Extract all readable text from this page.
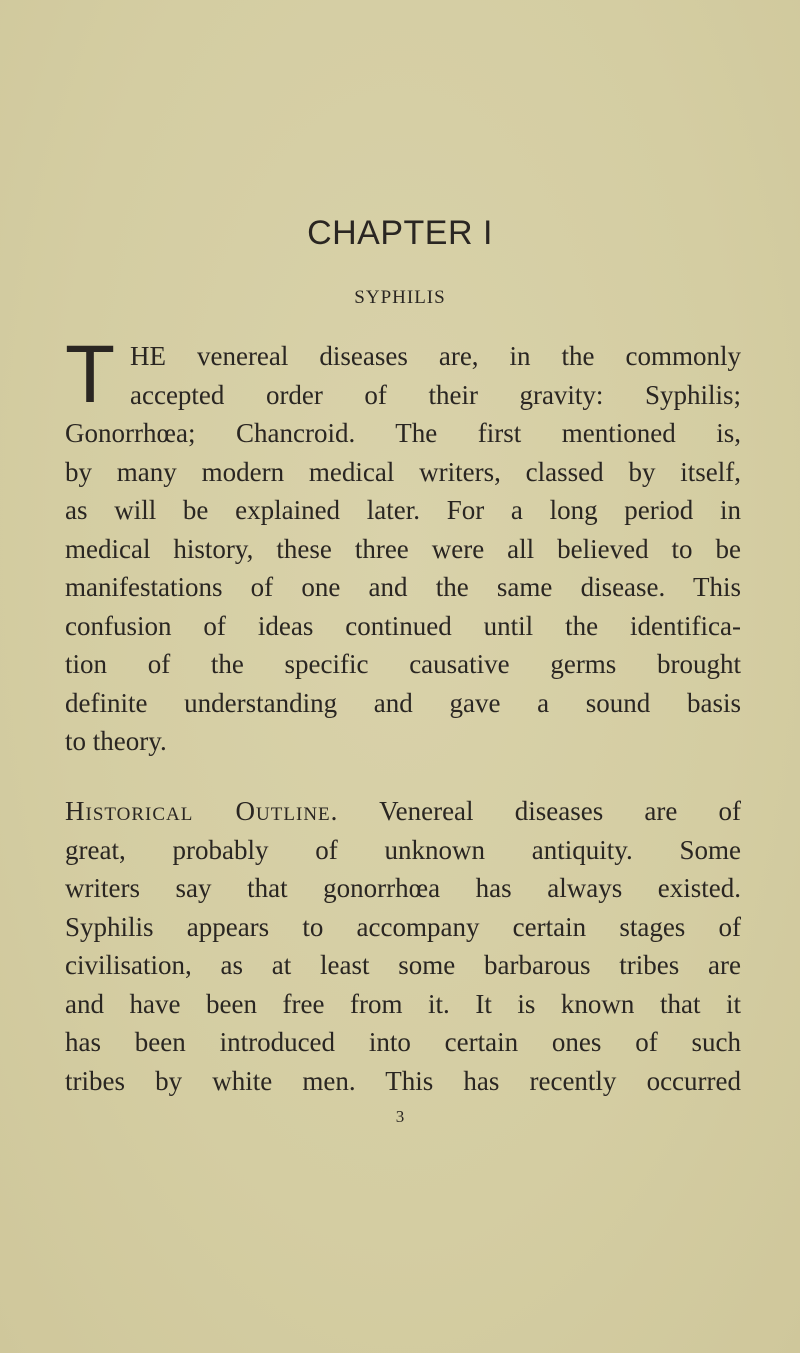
CHAPTER I
SYPHILIS
T HE venereal diseases are, in the commonly
accepted order of their gravity: Syphilis;
Gonorrhœa; Chancroid. The first mentioned is,
by many modern medical writers, classed by itself,
as will be explained later. For a long period in
medical history, these three were all believed to be
manifestations of one and the same disease. This
confusion of ideas continued until the identifica-
tion of the specific causative germs brought
definite understanding and gave a sound basis
to theory.
Historical Outline. Venereal diseases are of
great, probably of unknown antiquity. Some
writers say that gonorrhœa has always existed.
Syphilis appears to accompany certain stages of
civilisation, as at least some barbarous tribes are
and have been free from it. It is known that it
has been introduced into certain ones of such
tribes by white men. This has recently occurred
3
